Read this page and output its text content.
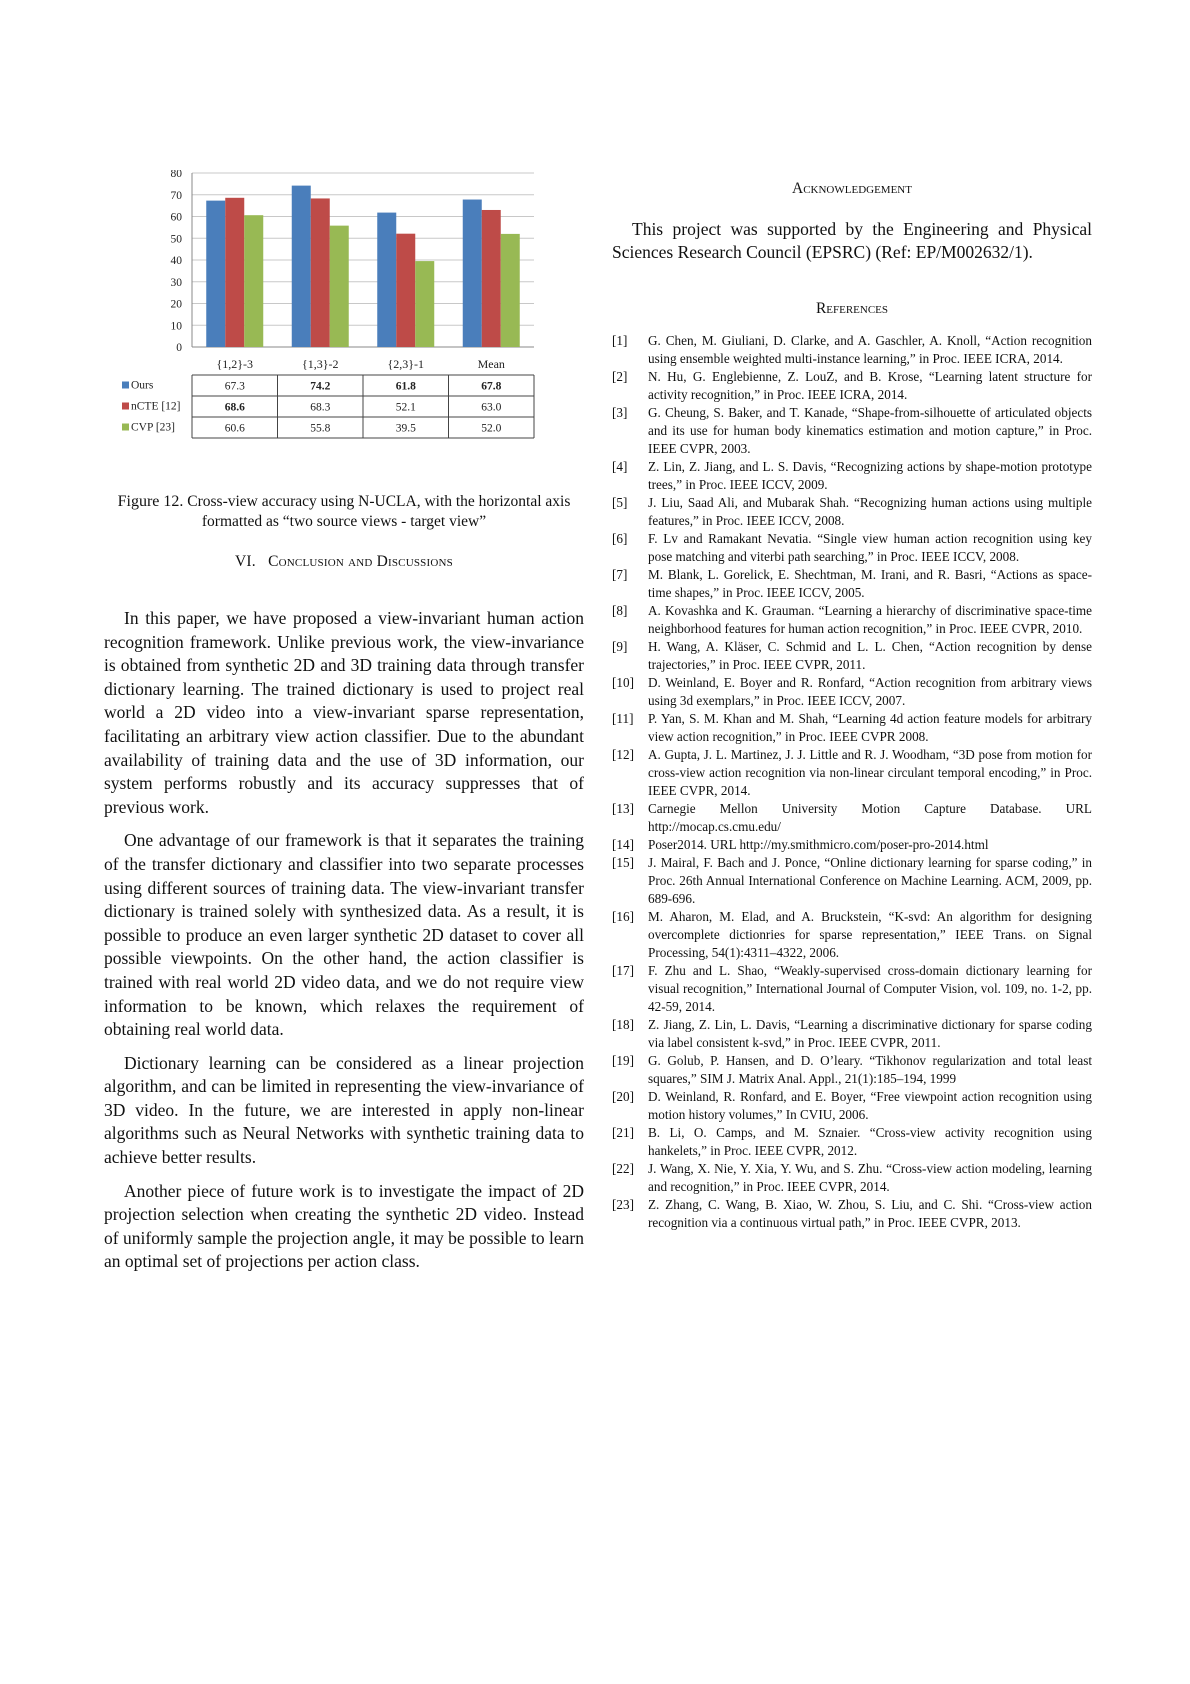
0
10
20
30
40
50
60
70
80
{1,2}-3	{1,3}-2	{2,3}-1	Mean
Ours	67.3	74.2	61.8	67.8
nCTE [12]	68.6	68.3	52.1	63.0
CVP [23]	60.6	55.8	39.5	52.0
Figure 12. Cross-view accuracy using N-UCLA, with the horizontal axis formatted as “two source views - target view”
VI. Conclusion and Discussions

In this paper, we have proposed a view-invariant human action recognition framework. Unlike previous work, the view-invariance is obtained from synthetic 2D and 3D training data through transfer dictionary learning. The trained dictionary is used to project real world a 2D video into a view-invariant sparse representation, facilitating an arbitrary view action classifier. Due to the abundant availability of training data and the use of 3D information, our system performs robustly and its accuracy suppresses that of previous work.

One advantage of our framework is that it separates the training of the transfer dictionary and classifier into two separate processes using different sources of training data. The view-invariant transfer dictionary is trained solely with synthesized data. As a result, it is possible to produce an even larger synthetic 2D dataset to cover all possible viewpoints. On the other hand, the action classifier is trained with real world 2D video data, and we do not require view information to be known, which relaxes the requirement of obtaining real world data.

Dictionary learning can be considered as a linear projection algorithm, and can be limited in representing the view-invariance of 3D video. In the future, we are interested in apply non-linear algorithms such as Neural Networks with synthetic training data to achieve better results.

Another piece of future work is to investigate the impact of 2D projection selection when creating the synthetic 2D video. Instead of uniformly sample the projection angle, it may be possible to learn an optimal set of projections per action class.

Acknowledgement

This project was supported by the Engineering and Physical Sciences Research Council (EPSRC) (Ref: EP/M002632/1).

References
[1]	G. Chen, M. Giuliani, D. Clarke, and A. Gaschler, A. Knoll, “Action recognition using ensemble weighted multi-instance learning,” in Proc. IEEE ICRA, 2014.
[2]	N. Hu, G. Englebienne, Z. LouZ, and B. Krose, “Learning latent structure for activity recognition,” in Proc. IEEE ICRA, 2014.
[3]	G. Cheung, S. Baker, and T. Kanade, “Shape-from-silhouette of articulated objects and its use for human body kinematics estimation and motion capture,” in Proc. IEEE CVPR, 2003.
[4]	Z. Lin, Z. Jiang, and L. S. Davis, “Recognizing actions by shape-motion prototype trees,” in Proc. IEEE ICCV, 2009.
[5]	J. Liu, Saad Ali, and Mubarak Shah. “Recognizing human actions using multiple features,” in Proc. IEEE ICCV, 2008.
[6]	F. Lv and Ramakant Nevatia. “Single view human action recognition using key pose matching and viterbi path searching,” in Proc. IEEE ICCV, 2008.
[7]	M. Blank, L. Gorelick, E. Shechtman, M. Irani, and R. Basri, “Actions as space-time shapes,” in Proc. IEEE ICCV, 2005.
[8]	A. Kovashka and K. Grauman. “Learning a hierarchy of discriminative space-time neighborhood features for human action recognition,” in Proc. IEEE CVPR, 2010.
[9]	H. Wang, A. Kläser, C. Schmid and L. L. Chen, “Action recognition by dense trajectories,” in Proc. IEEE CVPR, 2011.
[10]	D. Weinland, E. Boyer and R. Ronfard, “Action recognition from arbitrary views using 3d exemplars,” in Proc. IEEE ICCV, 2007.
[11]	P. Yan, S. M. Khan and M. Shah, “Learning 4d action feature models for arbitrary view action recognition,” in Proc. IEEE CVPR 2008.
[12]	A. Gupta, J. L. Martinez, J. J. Little and R. J. Woodham, “3D pose from motion for cross-view action recognition via non-linear circulant temporal encoding,” in Proc. IEEE CVPR, 2014.
[13]	Carnegie Mellon University Motion Capture Database. URL http://mocap.cs.cmu.edu/
[14]	Poser2014. URL http://my.smithmicro.com/poser-pro-2014.html
[15]	J. Mairal, F. Bach and J. Ponce, “Online dictionary learning for sparse coding,” in Proc. 26th Annual International Conference on Machine Learning. ACM, 2009, pp. 689-696.
[16]	M. Aharon, M. Elad, and A. Bruckstein, “K-svd: An algorithm for designing overcomplete dictionries for sparse representation,” IEEE Trans. on Signal Processing, 54(1):4311–4322, 2006.
[17]	F. Zhu and L. Shao, “Weakly-supervised cross-domain dictionary learning for visual recognition,” International Journal of Computer Vision, vol. 109, no. 1-2, pp. 42-59, 2014.
[18]	Z. Jiang, Z. Lin, L. Davis, “Learning a discriminative dictionary for sparse coding via label consistent k-svd,” in Proc. IEEE CVPR, 2011.
[19]	G. Golub, P. Hansen, and D. O’leary. “Tikhonov regularization and total least squares,” SIM J. Matrix Anal. Appl., 21(1):185–194, 1999
[20]	D. Weinland, R. Ronfard, and E. Boyer, “Free viewpoint action recognition using motion history volumes,” In CVIU, 2006.
[21]	B. Li, O. Camps, and M. Sznaier. “Cross-view activity recognition using hankelets,” in Proc. IEEE CVPR, 2012.
[22]	J. Wang, X. Nie, Y. Xia, Y. Wu, and S. Zhu. “Cross-view action modeling, learning and recognition,” in Proc. IEEE CVPR, 2014.
[23]	Z. Zhang, C. Wang, B. Xiao, W. Zhou, S. Liu, and C. Shi. “Cross-view action recognition via a continuous virtual path,” in Proc. IEEE CVPR, 2013.
